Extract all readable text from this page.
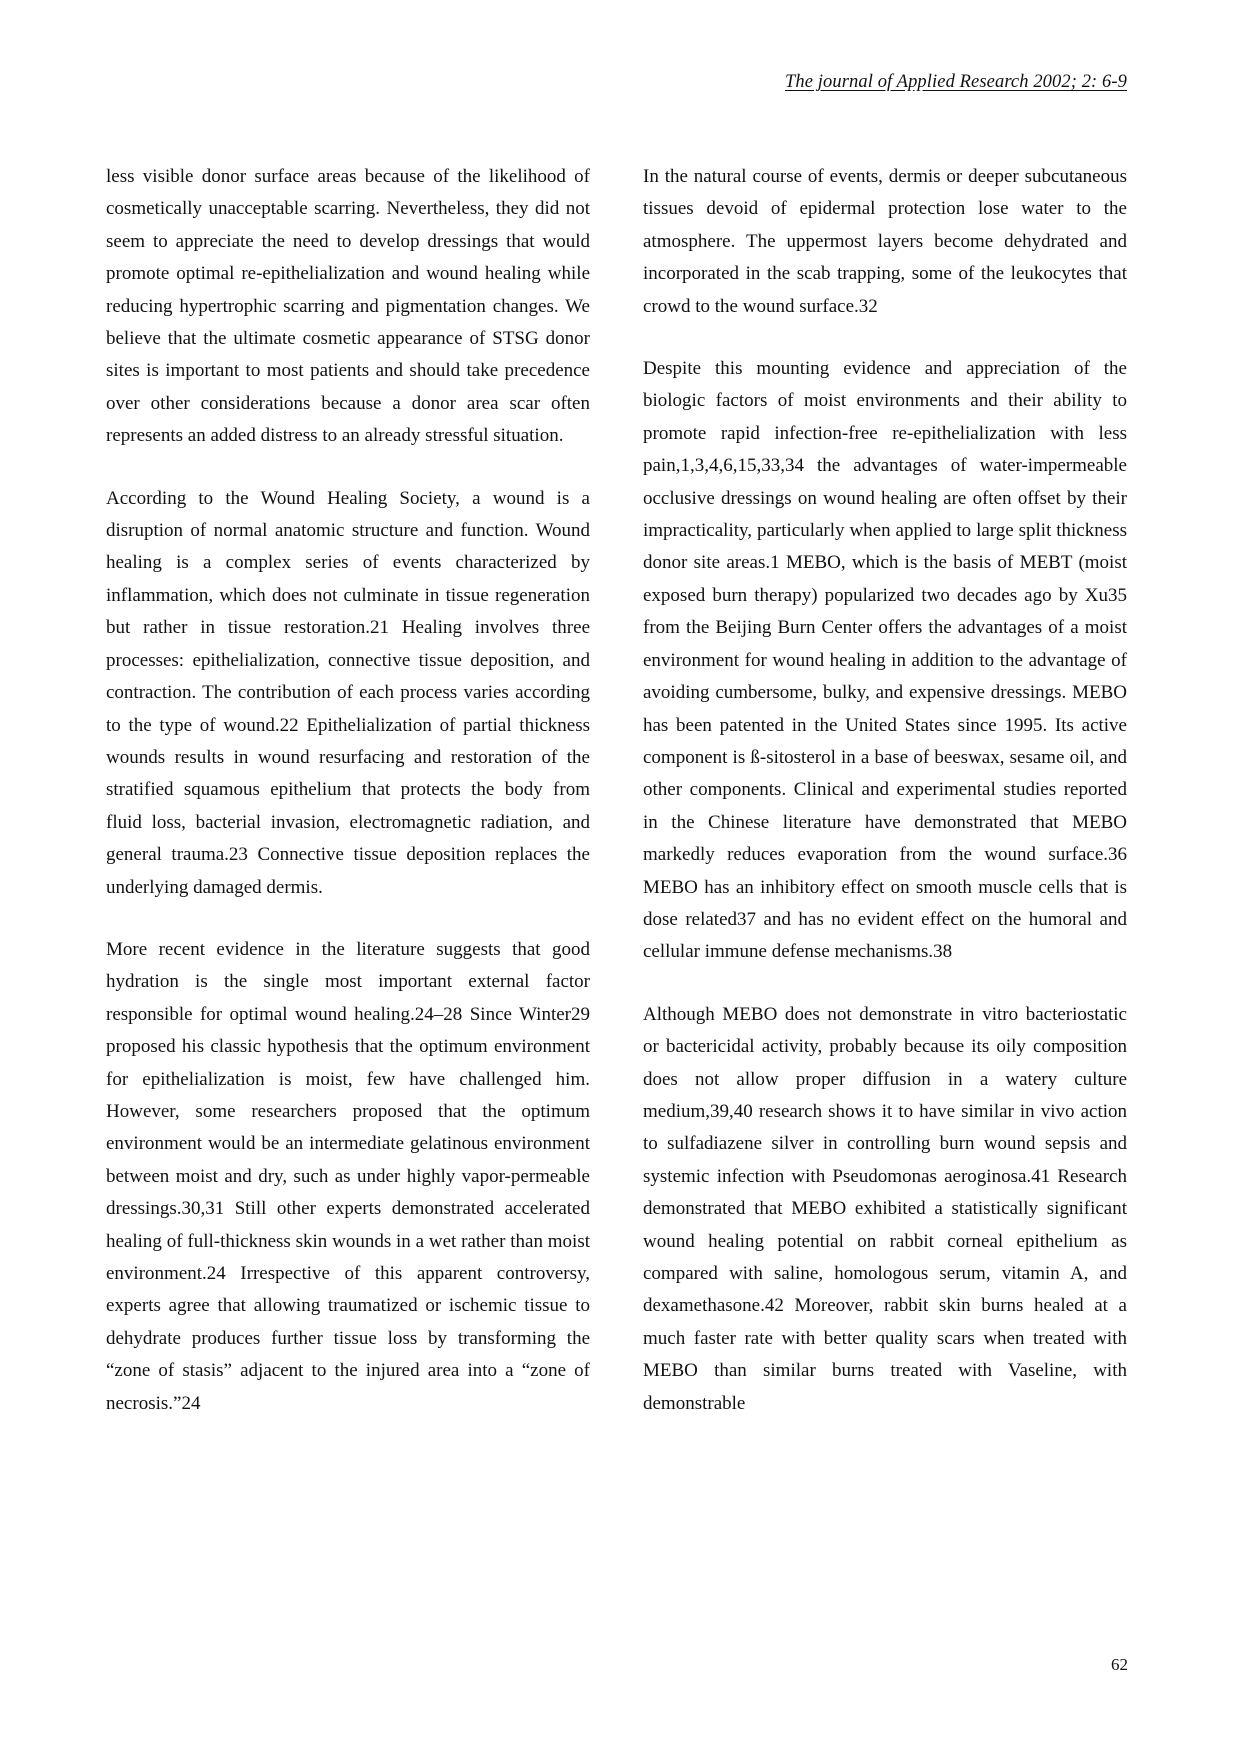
The journal of Applied Research 2002; 2: 6-9

less visible donor surface areas because of the likelihood of cosmetically unacceptable scarring. Nevertheless, they did not seem to appreciate the need to develop dressings that would promote optimal re-epithelialization and wound healing while reducing hypertrophic scarring and pigmentation changes. We believe that the ultimate cosmetic appearance of STSG donor sites is important to most patients and should take precedence over other considerations because a donor area scar often represents an added distress to an already stressful situation.

According to the Wound Healing Society, a wound is a disruption of normal anatomic structure and function. Wound healing is a complex series of events characterized by inflammation, which does not culminate in tissue regeneration but rather in tissue restoration.21 Healing involves three processes: epithelialization, connective tissue deposition, and contraction. The contribution of each process varies according to the type of wound.22 Epithelialization of partial thickness wounds results in wound resurfacing and restoration of the stratified squamous epithelium that protects the body from fluid loss, bacterial invasion, electromagnetic radiation, and general trauma.23 Connective tissue deposition replaces the underlying damaged dermis.

More recent evidence in the literature suggests that good hydration is the single most important external factor responsible for optimal wound healing.24–28 Since Winter29 proposed his classic hypothesis that the optimum environment for epithelialization is moist, few have challenged him. However, some researchers proposed that the optimum environment would be an intermediate gelatinous environment between moist and dry, such as under highly vapor-permeable dressings.30,31 Still other experts demonstrated accelerated healing of full-thickness skin wounds in a wet rather than moist environment.24 Irrespective of this apparent controversy, experts agree that allowing traumatized or ischemic tissue to dehydrate produces further tissue loss by transforming the “zone of stasis” adjacent to the injured area into a “zone of necrosis.”24

In the natural course of events, dermis or deeper subcutaneous tissues devoid of epidermal protection lose water to the atmosphere. The uppermost layers become dehydrated and incorporated in the scab trapping, some of the leukocytes that crowd to the wound surface.32

Despite this mounting evidence and appreciation of the biologic factors of moist environments and their ability to promote rapid infection-free re-epithelialization with less pain,1,3,4,6,15,33,34 the advantages of water-impermeable occlusive dressings on wound healing are often offset by their impracticality, particularly when applied to large split thickness donor site areas.1 MEBO, which is the basis of MEBT (moist exposed burn therapy) popularized two decades ago by Xu35 from the Beijing Burn Center offers the advantages of a moist environment for wound healing in addition to the advantage of avoiding cumbersome, bulky, and expensive dressings. MEBO has been patented in the United States since 1995. Its active component is ß-sitosterol in a base of beeswax, sesame oil, and other components. Clinical and experimental studies reported in the Chinese literature have demonstrated that MEBO markedly reduces evaporation from the wound surface.36 MEBO has an inhibitory effect on smooth muscle cells that is dose related37 and has no evident effect on the humoral and cellular immune defense mechanisms.38

Although MEBO does not demonstrate in vitro bacteriostatic or bactericidal activity, probably because its oily composition does not allow proper diffusion in a watery culture medium,39,40 research shows it to have similar in vivo action to sulfadiazene silver in controlling burn wound sepsis and systemic infection with Pseudomonas aeroginosa.41 Research demonstrated that MEBO exhibited a statistically significant wound healing potential on rabbit corneal epithelium as compared with saline, homologous serum, vitamin A, and dexamethasone.42 Moreover, rabbit skin burns healed at a much faster rate with better quality scars when treated with MEBO than similar burns treated with Vaseline, with demonstrable

62
